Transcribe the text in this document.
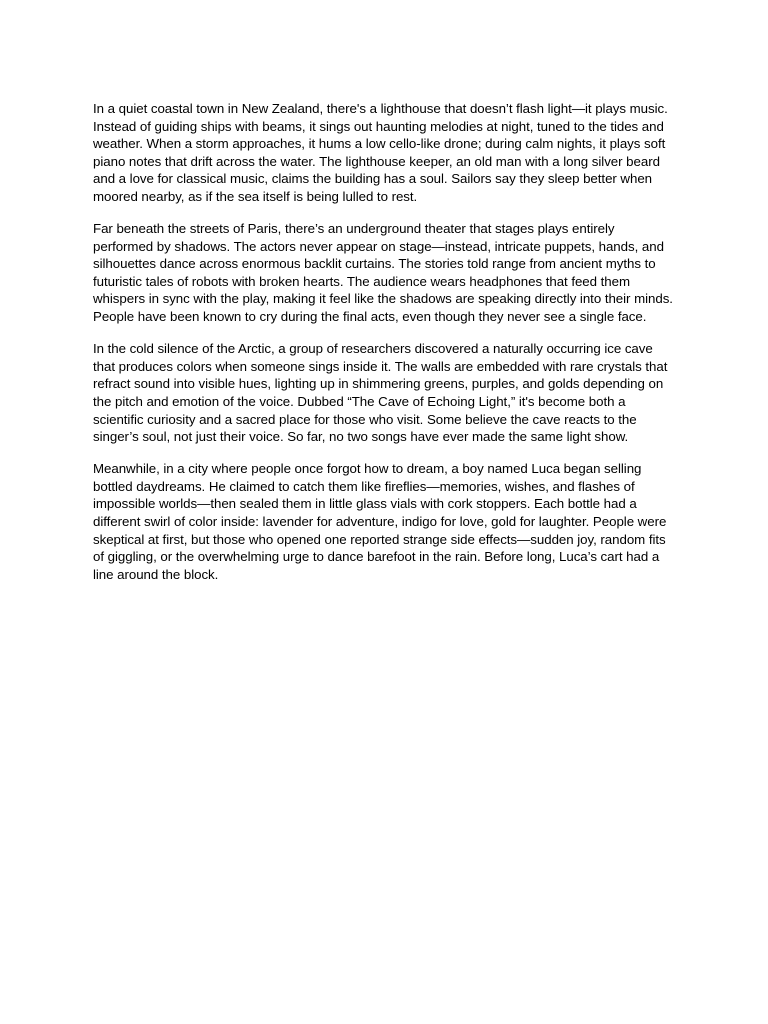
In a quiet coastal town in New Zealand, there's a lighthouse that doesn’t flash light—it plays music. Instead of guiding ships with beams, it sings out haunting melodies at night, tuned to the tides and weather. When a storm approaches, it hums a low cello-like drone; during calm nights, it plays soft piano notes that drift across the water. The lighthouse keeper, an old man with a long silver beard and a love for classical music, claims the building has a soul. Sailors say they sleep better when moored nearby, as if the sea itself is being lulled to rest.

Far beneath the streets of Paris, there’s an underground theater that stages plays entirely performed by shadows. The actors never appear on stage—instead, intricate puppets, hands, and silhouettes dance across enormous backlit curtains. The stories told range from ancient myths to futuristic tales of robots with broken hearts. The audience wears headphones that feed them whispers in sync with the play, making it feel like the shadows are speaking directly into their minds. People have been known to cry during the final acts, even though they never see a single face.

In the cold silence of the Arctic, a group of researchers discovered a naturally occurring ice cave that produces colors when someone sings inside it. The walls are embedded with rare crystals that refract sound into visible hues, lighting up in shimmering greens, purples, and golds depending on the pitch and emotion of the voice. Dubbed “The Cave of Echoing Light,” it's become both a scientific curiosity and a sacred place for those who visit. Some believe the cave reacts to the singer’s soul, not just their voice. So far, no two songs have ever made the same light show.

Meanwhile, in a city where people once forgot how to dream, a boy named Luca began selling bottled daydreams. He claimed to catch them like fireflies—memories, wishes, and flashes of impossible worlds—then sealed them in little glass vials with cork stoppers. Each bottle had a different swirl of color inside: lavender for adventure, indigo for love, gold for laughter. People were skeptical at first, but those who opened one reported strange side effects—sudden joy, random fits of giggling, or the overwhelming urge to dance barefoot in the rain. Before long, Luca’s cart had a line around the block.
